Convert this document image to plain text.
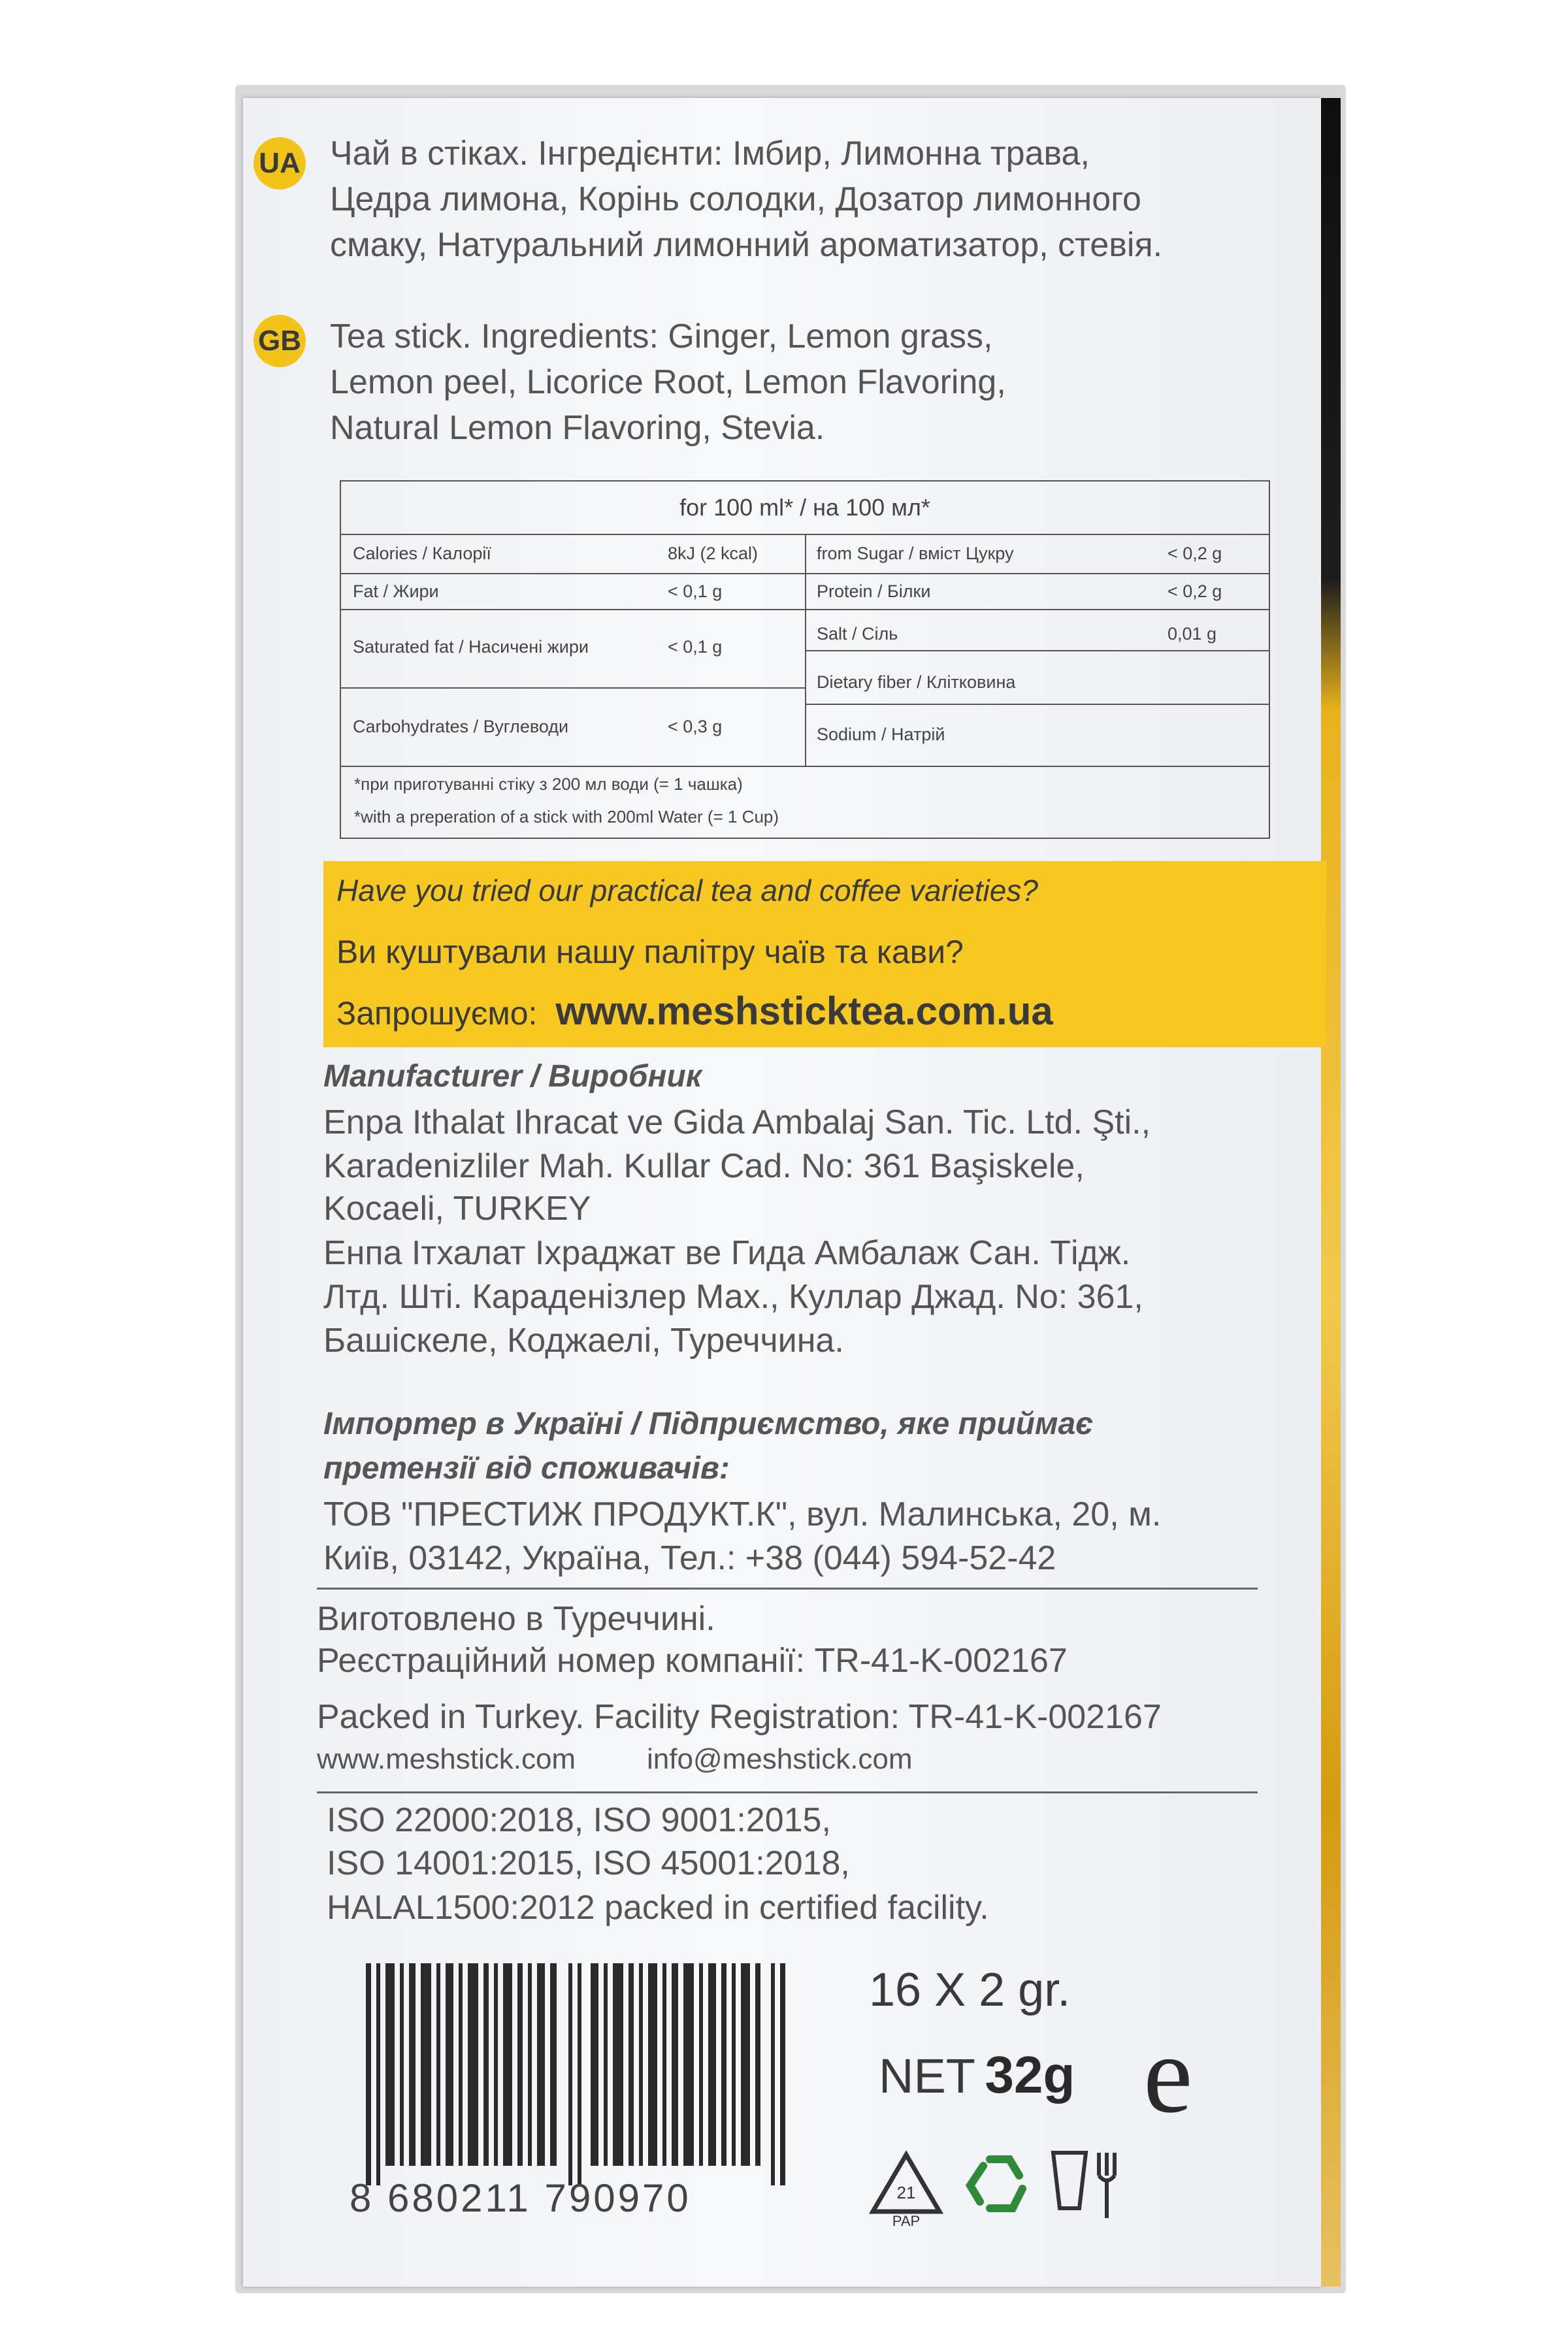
UA Чай в стіках. Інгредієнти: Імбир, Лимонна трава,
Цедра лимона, Корінь солодки, Дозатор лимонного
смаку, Натуральний лимонний ароматизатор, стевія.
GB Tea stick. Ingredients: Ginger, Lemon grass,
Lemon peel, Licorice Root, Lemon Flavoring,
Natural Lemon Flavoring, Stevia.
for 100 ml* / на 100 мл*
Calories / Калорії	8kJ (2 kcal)	from Sugar / вміст Цукру	< 0,2 g
Fat / Жири	< 0,1 g	Protein / Білки	< 0,2 g
Saturated fat / Насичені жири	< 0,1 g
Salt / Сіль	0,01 g
Carbohydrates / Вуглеводи	< 0,3 g
Dietary fiber / Клітковина
Sodium / Натрій
*при приготуванні стіку з 200 мл води (= 1 чашка)
*with a preperation of a stick with 200ml Water (= 1 Cup)
Have you tried our practical tea and coffee varieties?
Ви куштували нашу палітру чаїв та кави?
Запрошуємо: www.meshsticktea.com.ua
Manufacturer / Виробник
Enpa Ithalat Ihracat ve Gida Ambalaj San. Tic. Ltd. Şti.,
Karadenizliler Mah. Kullar Cad. No: 361 Başiskele,
Kocaeli, TURKEY
Енпа Ітхалат Іхраджат ве Гида Амбалаж Сан. Тідж.
Лтд. Шті. Караденізлер Мах., Куллар Джад. No: 361,
Башіскеле, Коджаелі, Туреччина.
Імпортер в Україні / Підприємство, яке приймає
претензії від споживачів:
ТОВ "ПРЕСТИЖ ПРОДУКТ.К", вул. Малинська, 20, м.
Київ, 03142, Україна, Тел.: +38 (044) 594-52-42
Виготовлено в Туреччині.
Реєстраційний номер компанії: TR-41-K-002167
Packed in Turkey. Facility Registration: TR-41-K-002167
www.meshstick.com info@meshstick.com
ISO 22000:2018, ISO 9001:2015,
ISO 14001:2015, ISO 45001:2018,
HALAL1500:2012 packed in certified facility.
8 680211 790970
16 X 2 gr.
NET 32g e
21
PAP
